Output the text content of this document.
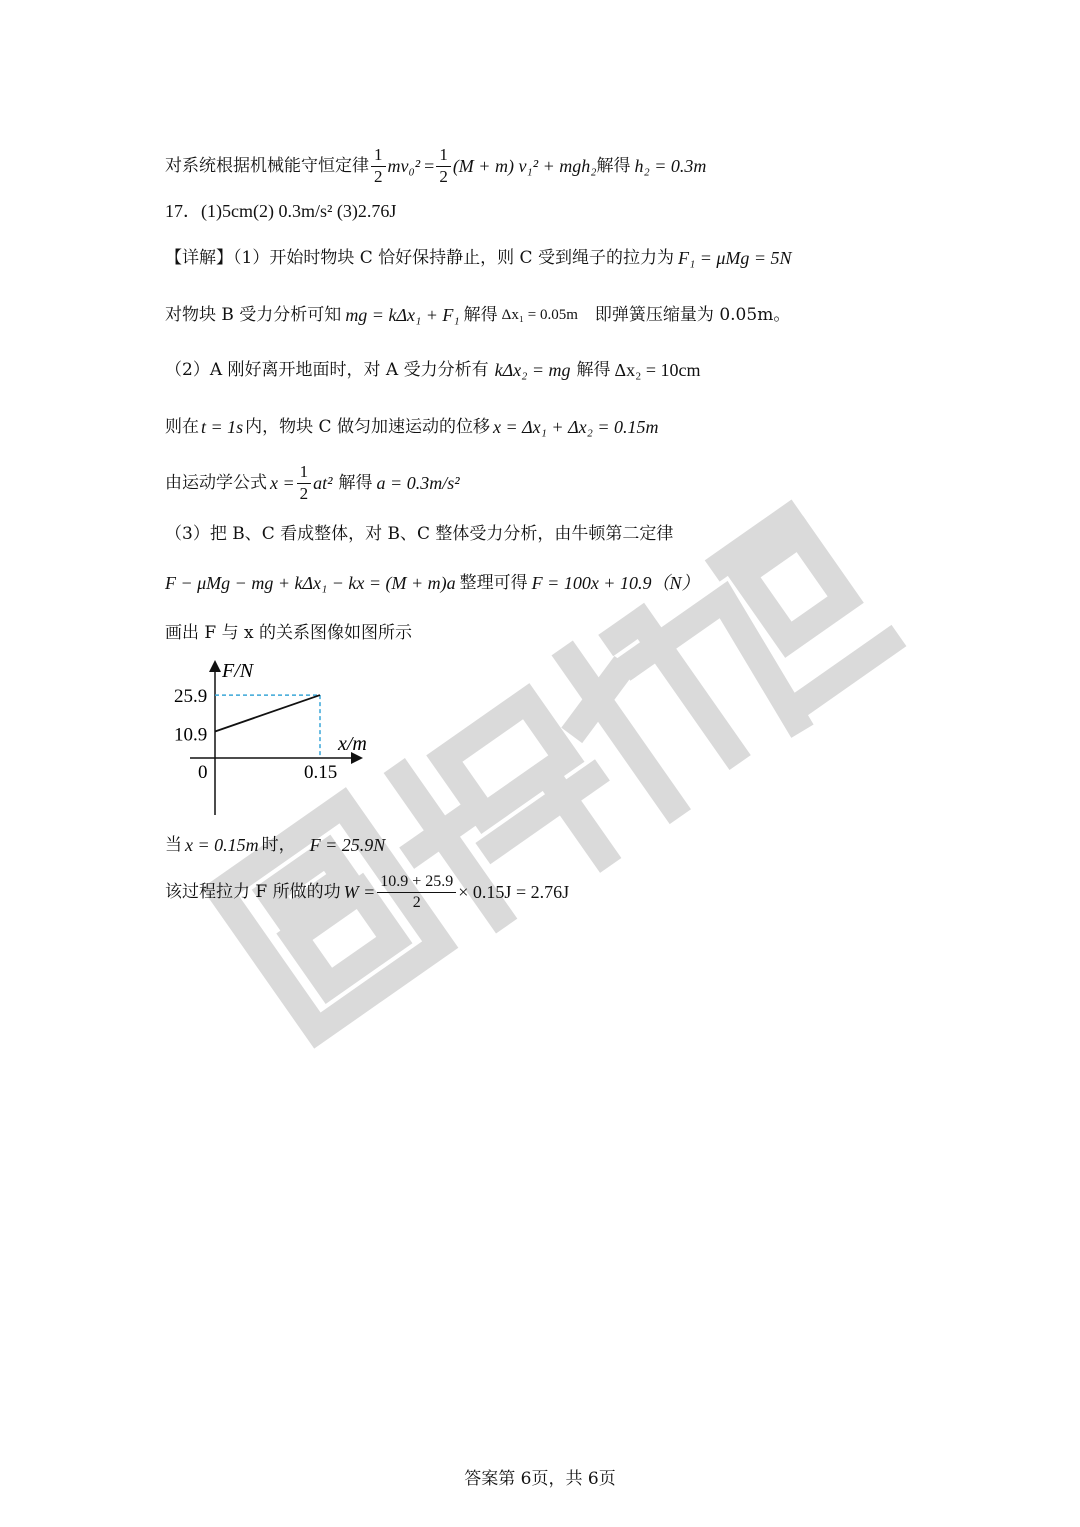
对系统根据机械能守恒定律 $\frac{1}{2} mv_0^2 = \frac{1}{2} (M + m) v_1^2 + mgh_2$ 解得 h₂ = 0.3m
17．(1)5cm(2) 0.3m/s² (3)2.76J
【详解】（1）开始时物块 C 恰好保持静止，则 C 受到绳子的拉力为 F₁ = μMg = 5N
对物块 B 受力分析可知 mg = kΔx₁ + F₁ 解得 Δx₁ = 0.05m 　即弹簧压缩量为 0.05m。
（2）A 刚好离开地面时，对 A 受力分析有 kΔx₂ = mg 解得 Δx₂ = 10cm
则在 t = 1s 内，物块 C 做匀加速运动的位移 x = Δx₁ + Δx₂ = 0.15m
由运动学公式 $x = \frac{1}{2} at^2$ 解得 a = 0.3m/s²
（3）把 B、C 看成整体，对 B、C 整体受力分析，由牛顿第二定律
F − μMg − mg + kΔx₁ − kx = (M + m)a 整理可得 F = 100x + 10.9（N）
画出 F 与 x 的关系图像如图所示
F/N
x/m
0	0.15
25.9
10.9
当 x = 0.15m 时， F = 25.9N
该过程拉力 F 所做的功 $W = \frac{10.9 + 25.9}{2} \times 0.15J = 2.76J$
答案第 6页，共 6页
